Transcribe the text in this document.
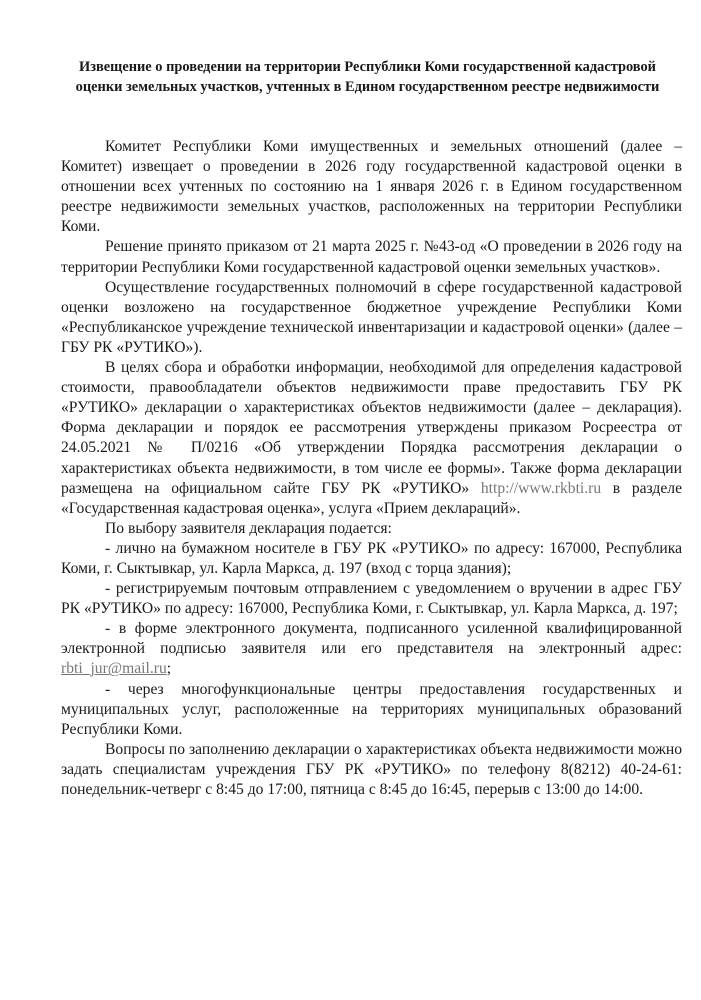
Извещение о проведении на территории Республики Коми государственной кадастровой оценки земельных участков, учтенных в Едином государственном реестре недвижимости

Комитет Республики Коми имущественных и земельных отношений (далее – Комитет) извещает о проведении в 2026 году государственной кадастровой оценки в отношении всех учтенных по состоянию на 1 января 2026 г. в Едином государственном реестре недвижимости земельных участков, расположенных на территории Республики Коми.

Решение принято приказом от 21 марта 2025 г. №43-од «О проведении в 2026 году на территории Республики Коми государственной кадастровой оценки земельных участков».

Осуществление государственных полномочий в сфере государственной кадастровой оценки возложено на государственное бюджетное учреждение Республики Коми «Республиканское учреждение технической инвентаризации и кадастровой оценки» (далее – ГБУ РК «РУТИКО»).

В целях сбора и обработки информации, необходимой для определения кадастровой стоимости, правообладатели объектов недвижимости праве предоставить ГБУ РК «РУТИКО» декларации о характеристиках объектов недвижимости (далее – декларация). Форма декларации и порядок ее рассмотрения утверждены приказом Росреестра от 24.05.2021 № П/0216 «Об утверждении Порядка рассмотрения декларации о характеристиках объекта недвижимости, в том числе ее формы». Также форма декларации размещена на официальном сайте ГБУ РК «РУТИКО» http://www.rkbti.ru в разделе «Государственная кадастровая оценка», услуга «Прием деклараций».

По выбору заявителя декларация подается:

- лично на бумажном носителе в ГБУ РК «РУТИКО» по адресу: 167000, Республика Коми, г. Сыктывкар, ул. Карла Маркса, д. 197 (вход с торца здания);

- регистрируемым почтовым отправлением с уведомлением о вручении в адрес ГБУ РК «РУТИКО» по адресу: 167000, Республика Коми, г. Сыктывкар, ул. Карла Маркса, д. 197;

- в форме электронного документа, подписанного усиленной квалифицированной электронной подписью заявителя или его представителя на электронный адрес: rbti_jur@mail.ru;

- через многофункциональные центры предоставления государственных и муниципальных услуг, расположенные на территориях муниципальных образований Республики Коми.

Вопросы по заполнению декларации о характеристиках объекта недвижимости можно задать специалистам учреждения ГБУ РК «РУТИКО» по телефону 8(8212) 40-24-61: понедельник-четверг с 8:45 до 17:00, пятница с 8:45 до 16:45, перерыв с 13:00 до 14:00.
